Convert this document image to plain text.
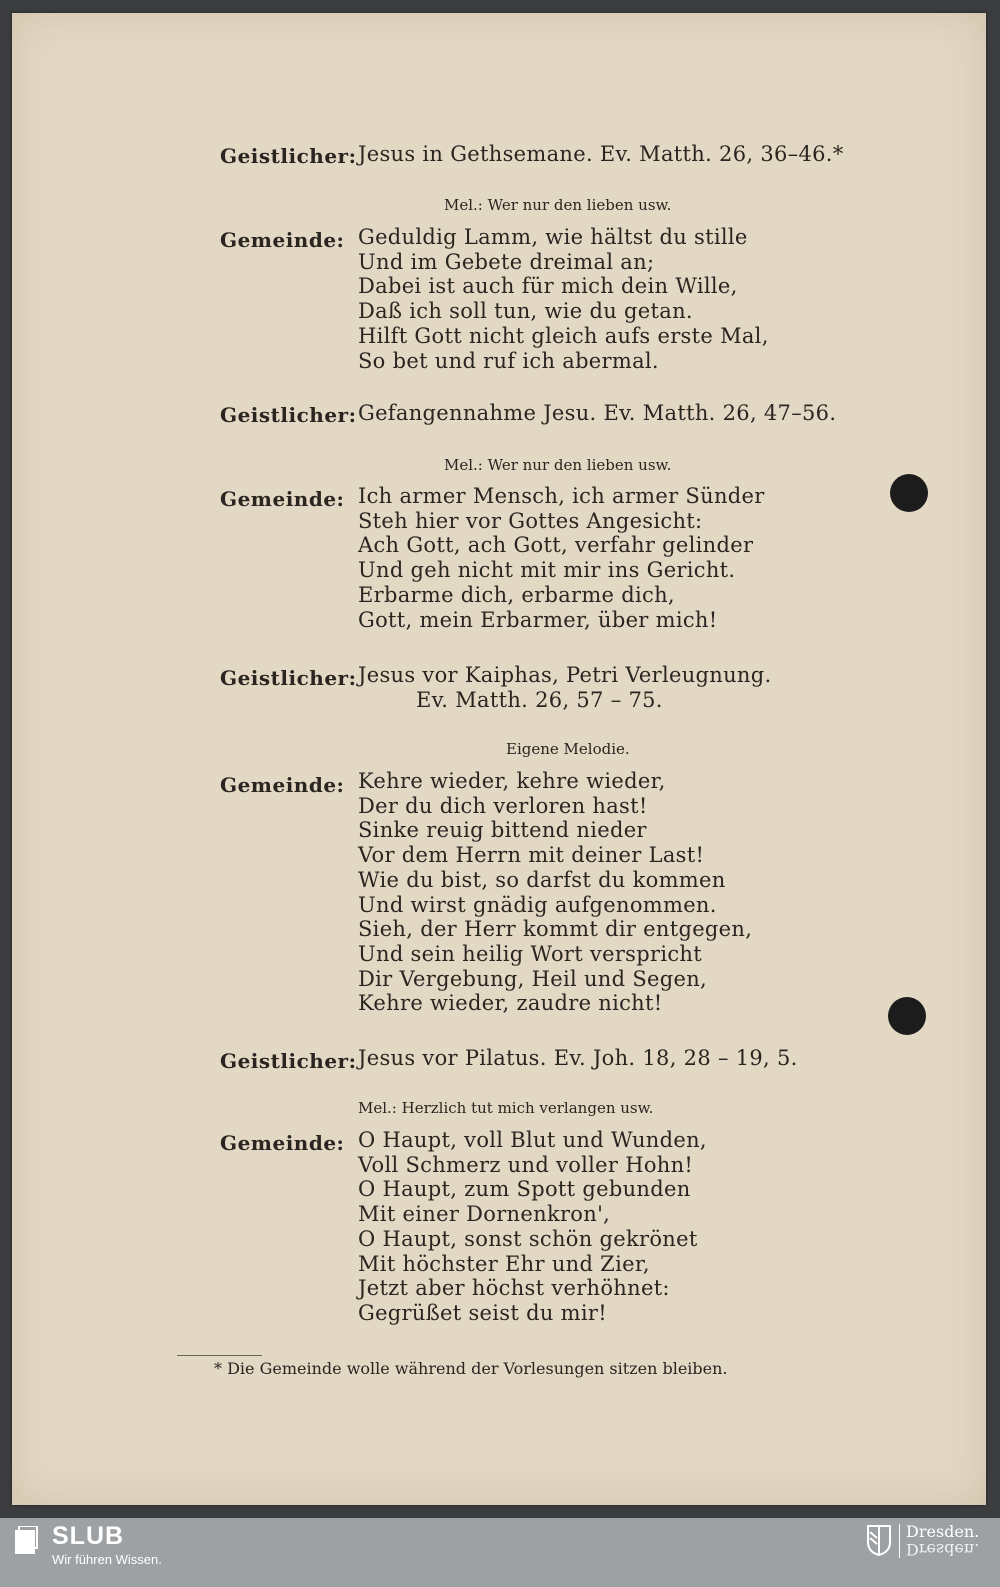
Geistlicher: Jesus in Gethsemane. Ev. Matth. 26, 36–46.*
Mel.: Wer nur den lieben usw.
Gemeinde: Geduldig Lamm, wie hältst du stille
Und im Gebete dreimal an;
Dabei ist auch für mich dein Wille,
Daß ich soll tun, wie du getan.
Hilft Gott nicht gleich aufs erste Mal,
So bet und ruf ich abermal.
Geistlicher: Gefangennahme Jesu. Ev. Matth. 26, 47–56.
Mel.: Wer nur den lieben usw.
Gemeinde: Ich armer Mensch, ich armer Sünder
Steh hier vor Gottes Angesicht:
Ach Gott, ach Gott, verfahr gelinder
Und geh nicht mit mir ins Gericht.
Erbarme dich, erbarme dich,
Gott, mein Erbarmer, über mich!
Geistlicher: Jesus vor Kaiphas, Petri Verleugnung.
Ev. Matth. 26, 57 – 75.
Eigene Melodie.
Gemeinde: Kehre wieder, kehre wieder,
Der du dich verloren hast!
Sinke reuig bittend nieder
Vor dem Herrn mit deiner Last!
Wie du bist, so darfst du kommen
Und wirst gnädig aufgenommen.
Sieh, der Herr kommt dir entgegen,
Und sein heilig Wort verspricht
Dir Vergebung, Heil und Segen,
Kehre wieder, zaudre nicht!
Geistlicher: Jesus vor Pilatus. Ev. Joh. 18, 28 – 19, 5.
Mel.: Herzlich tut mich verlangen usw.
Gemeinde: O Haupt, voll Blut und Wunden,
Voll Schmerz und voller Hohn!
O Haupt, zum Spott gebunden
Mit einer Dornenkron',
O Haupt, sonst schön gekrönet
Mit höchster Ehr und Zier,
Jetzt aber höchst verhöhnet:
Gegrüßet seist du mir!
* Die Gemeinde wolle während der Vorlesungen sitzen bleiben.
SLUB
Wir führen Wissen.
Dresden.
Dresden.
